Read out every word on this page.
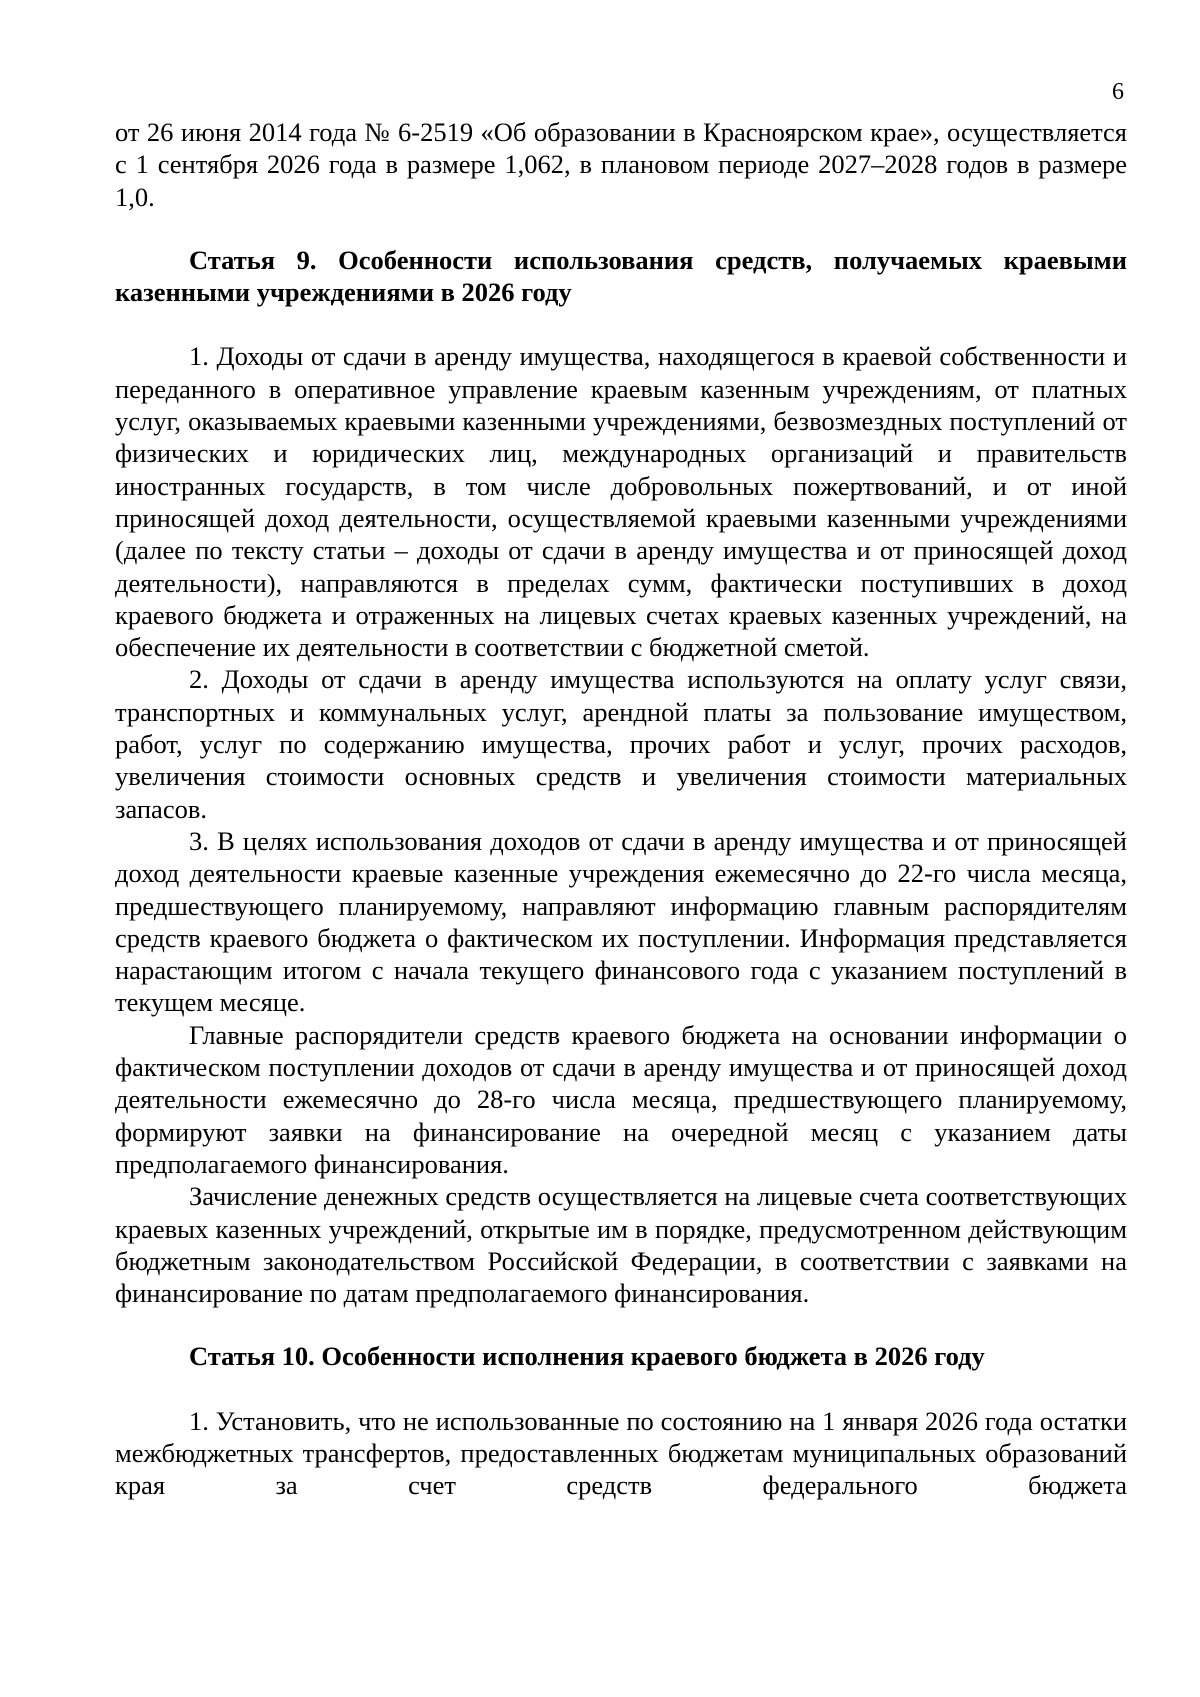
6

от 26 июня 2014 года № 6-2519 «Об образовании в Красноярском крае», осуществляется с 1 сентября 2026 года в размере 1,062, в плановом периоде 2027–2028 годов в размере 1,0.

Статья 9. Особенности использования средств, получаемых краевыми казенными учреждениями в 2026 году

1. Доходы от сдачи в аренду имущества, находящегося в краевой собственности и переданного в оперативное управление краевым казенным учреждениям, от платных услуг, оказываемых краевыми казенными учреждениями, безвозмездных поступлений от физических и юридических лиц, международных организаций и правительств иностранных государств, в том числе добровольных пожертвований, и от иной приносящей доход деятельности, осуществляемой краевыми казенными учреждениями (далее по тексту статьи – доходы от сдачи в аренду имущества и от приносящей доход деятельности), направляются в пределах сумм, фактически поступивших в доход краевого бюджета и отраженных на лицевых счетах краевых казенных учреждений, на обеспечение их деятельности в соответствии с бюджетной сметой.

2. Доходы от сдачи в аренду имущества используются на оплату услуг связи, транспортных и коммунальных услуг, арендной платы за пользование имуществом, работ, услуг по содержанию имущества, прочих работ и услуг, прочих расходов, увеличения стоимости основных средств и увеличения стоимости материальных запасов.

3. В целях использования доходов от сдачи в аренду имущества и от приносящей доход деятельности краевые казенные учреждения ежемесячно до 22-го числа месяца, предшествующего планируемому, направляют информацию главным распорядителям средств краевого бюджета о фактическом их поступлении. Информация представляется нарастающим итогом с начала текущего финансового года с указанием поступлений в текущем месяце.

Главные распорядители средств краевого бюджета на основании информации о фактическом поступлении доходов от сдачи в аренду имущества и от приносящей доход деятельности ежемесячно до 28-го числа месяца, предшествующего планируемому, формируют заявки на финансирование на очередной месяц с указанием даты предполагаемого финансирования.

Зачисление денежных средств осуществляется на лицевые счета соответствующих краевых казенных учреждений, открытые им в порядке, предусмотренном действующим бюджетным законодательством Российской Федерации, в соответствии с заявками на финансирование по датам предполагаемого финансирования.

Статья 10. Особенности исполнения краевого бюджета в 2026 году

1. Установить, что не использованные по состоянию на 1 января 2026 года остатки межбюджетных трансфертов, предоставленных бюджетам муниципальных образований края за счет средств федерального бюджета
